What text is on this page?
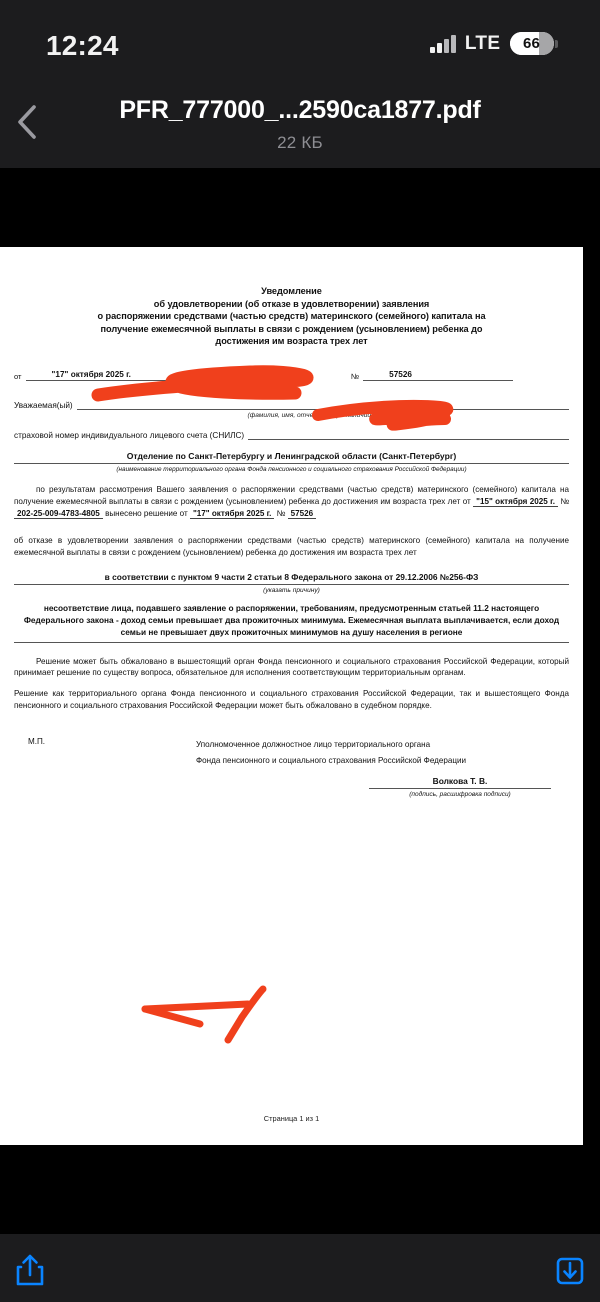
12:24	LTE	66
PFR_777000_...2590ca1877.pdf
22 КБ
Уведомление
об удовлетворении (об отказе в удовлетворении) заявления
о распоряжении средствами (частью средств) материнского (семейного) капитала на
получение ежемесячной выплаты в связи с рождением (усыновлением) ребенка до
достижения им возраста трех лет
от	"17" октября 2025 г.	№	57526
Уважаемая(ый)
(фамилия, имя, отчество (при наличии))
страховой номер индивидуального лицевого счета (СНИЛС)
Отделение по Санкт-Петербургу и Ленинградской области (Санкт-Петербург)
(наименование территориального органа Фонда пенсионного и социального страхования Российской Федерации)
по результатам рассмотрения Вашего заявления о распоряжении средствами (частью средств) материнского (семейного) капитала на получение ежемесячной выплаты в связи с рождением (усыновлением) ребенка до достижения им возраста трех лет от "15" октября 2025 г. № 202-25-009-4783-4805 вынесено решение от "17" октября 2025 г. № 57526
об отказе в удовлетворении заявления о распоряжении средствами (частью средств) материнского (семейного) капитала на получение ежемесячной выплаты в связи с рождением (усыновлением) ребенка до достижения им возраста трех лет
в соответствии с пунктом 9 части 2 статьи 8 Федерального закона от 29.12.2006 №256-ФЗ
(указать причину)
несоответствие лица, подавшего заявление о распоряжении, требованиям, предусмотренным статьей 11.2 настоящего Федерального закона - доход семьи превышает два прожиточных минимума. Ежемесячная выплата выплачивается, если доход семьи не превышает двух прожиточных минимумов на душу населения в регионе
Решение может быть обжаловано в вышестоящий орган Фонда пенсионного и социального страхования Российской Федерации, который принимает решение по существу вопроса, обязательное для исполнения соответствующим территориальным органам.
Решение как территориального органа Фонда пенсионного и социального страхования Российской Федерации, так и вышестоящего Фонда пенсионного и социального страхования Российской Федерации может быть обжаловано в судебном порядке.
М.П.	Уполномоченное должностное лицо территориального органа
Фонда пенсионного и социального страхования Российской Федерации
Волкова Т. В.
(подпись, расшифровка подписи)
Страница 1 из 1
